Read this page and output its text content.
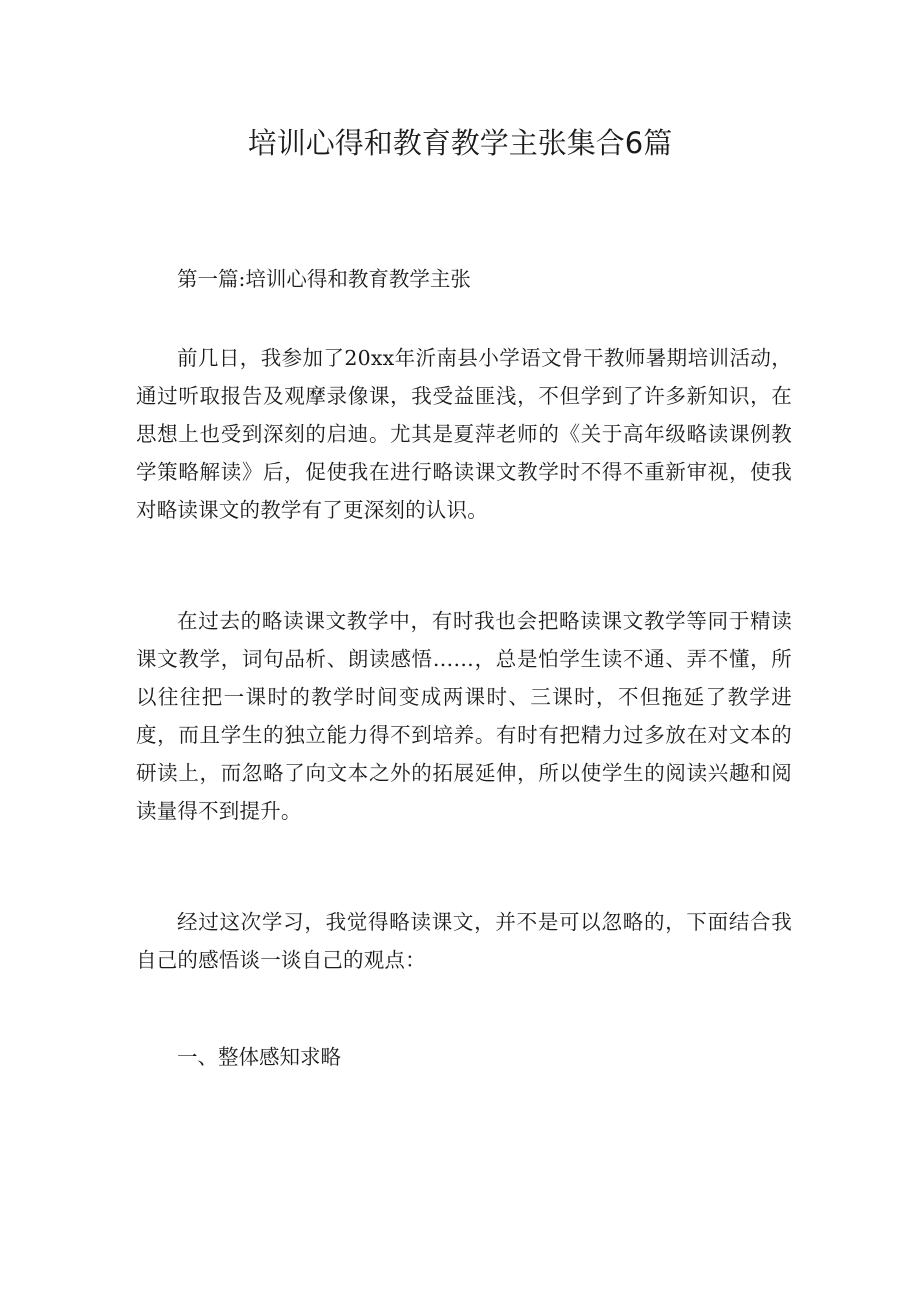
培训心得和教育教学主张集合6篇

第一篇:培训心得和教育教学主张

前几日，我参加了20xx年沂南县小学语文骨干教师暑期培训活动，通过听取报告及观摩录像课，我受益匪浅，不但学到了许多新知识，在思想上也受到深刻的启迪。尤其是夏萍老师的《关于高年级略读课例教学策略解读》后，促使我在进行略读课文教学时不得不重新审视，使我对略读课文的教学有了更深刻的认识。

在过去的略读课文教学中，有时我也会把略读课文教学等同于精读课文教学，词句品析、朗读感悟……，总是怕学生读不通、弄不懂，所以往往把一课时的教学时间变成两课时、三课时，不但拖延了教学进度，而且学生的独立能力得不到培养。有时有把精力过多放在对文本的研读上，而忽略了向文本之外的拓展延伸，所以使学生的阅读兴趣和阅读量得不到提升。

经过这次学习，我觉得略读课文，并不是可以忽略的，下面结合我自己的感悟谈一谈自己的观点：

一、整体感知求略
